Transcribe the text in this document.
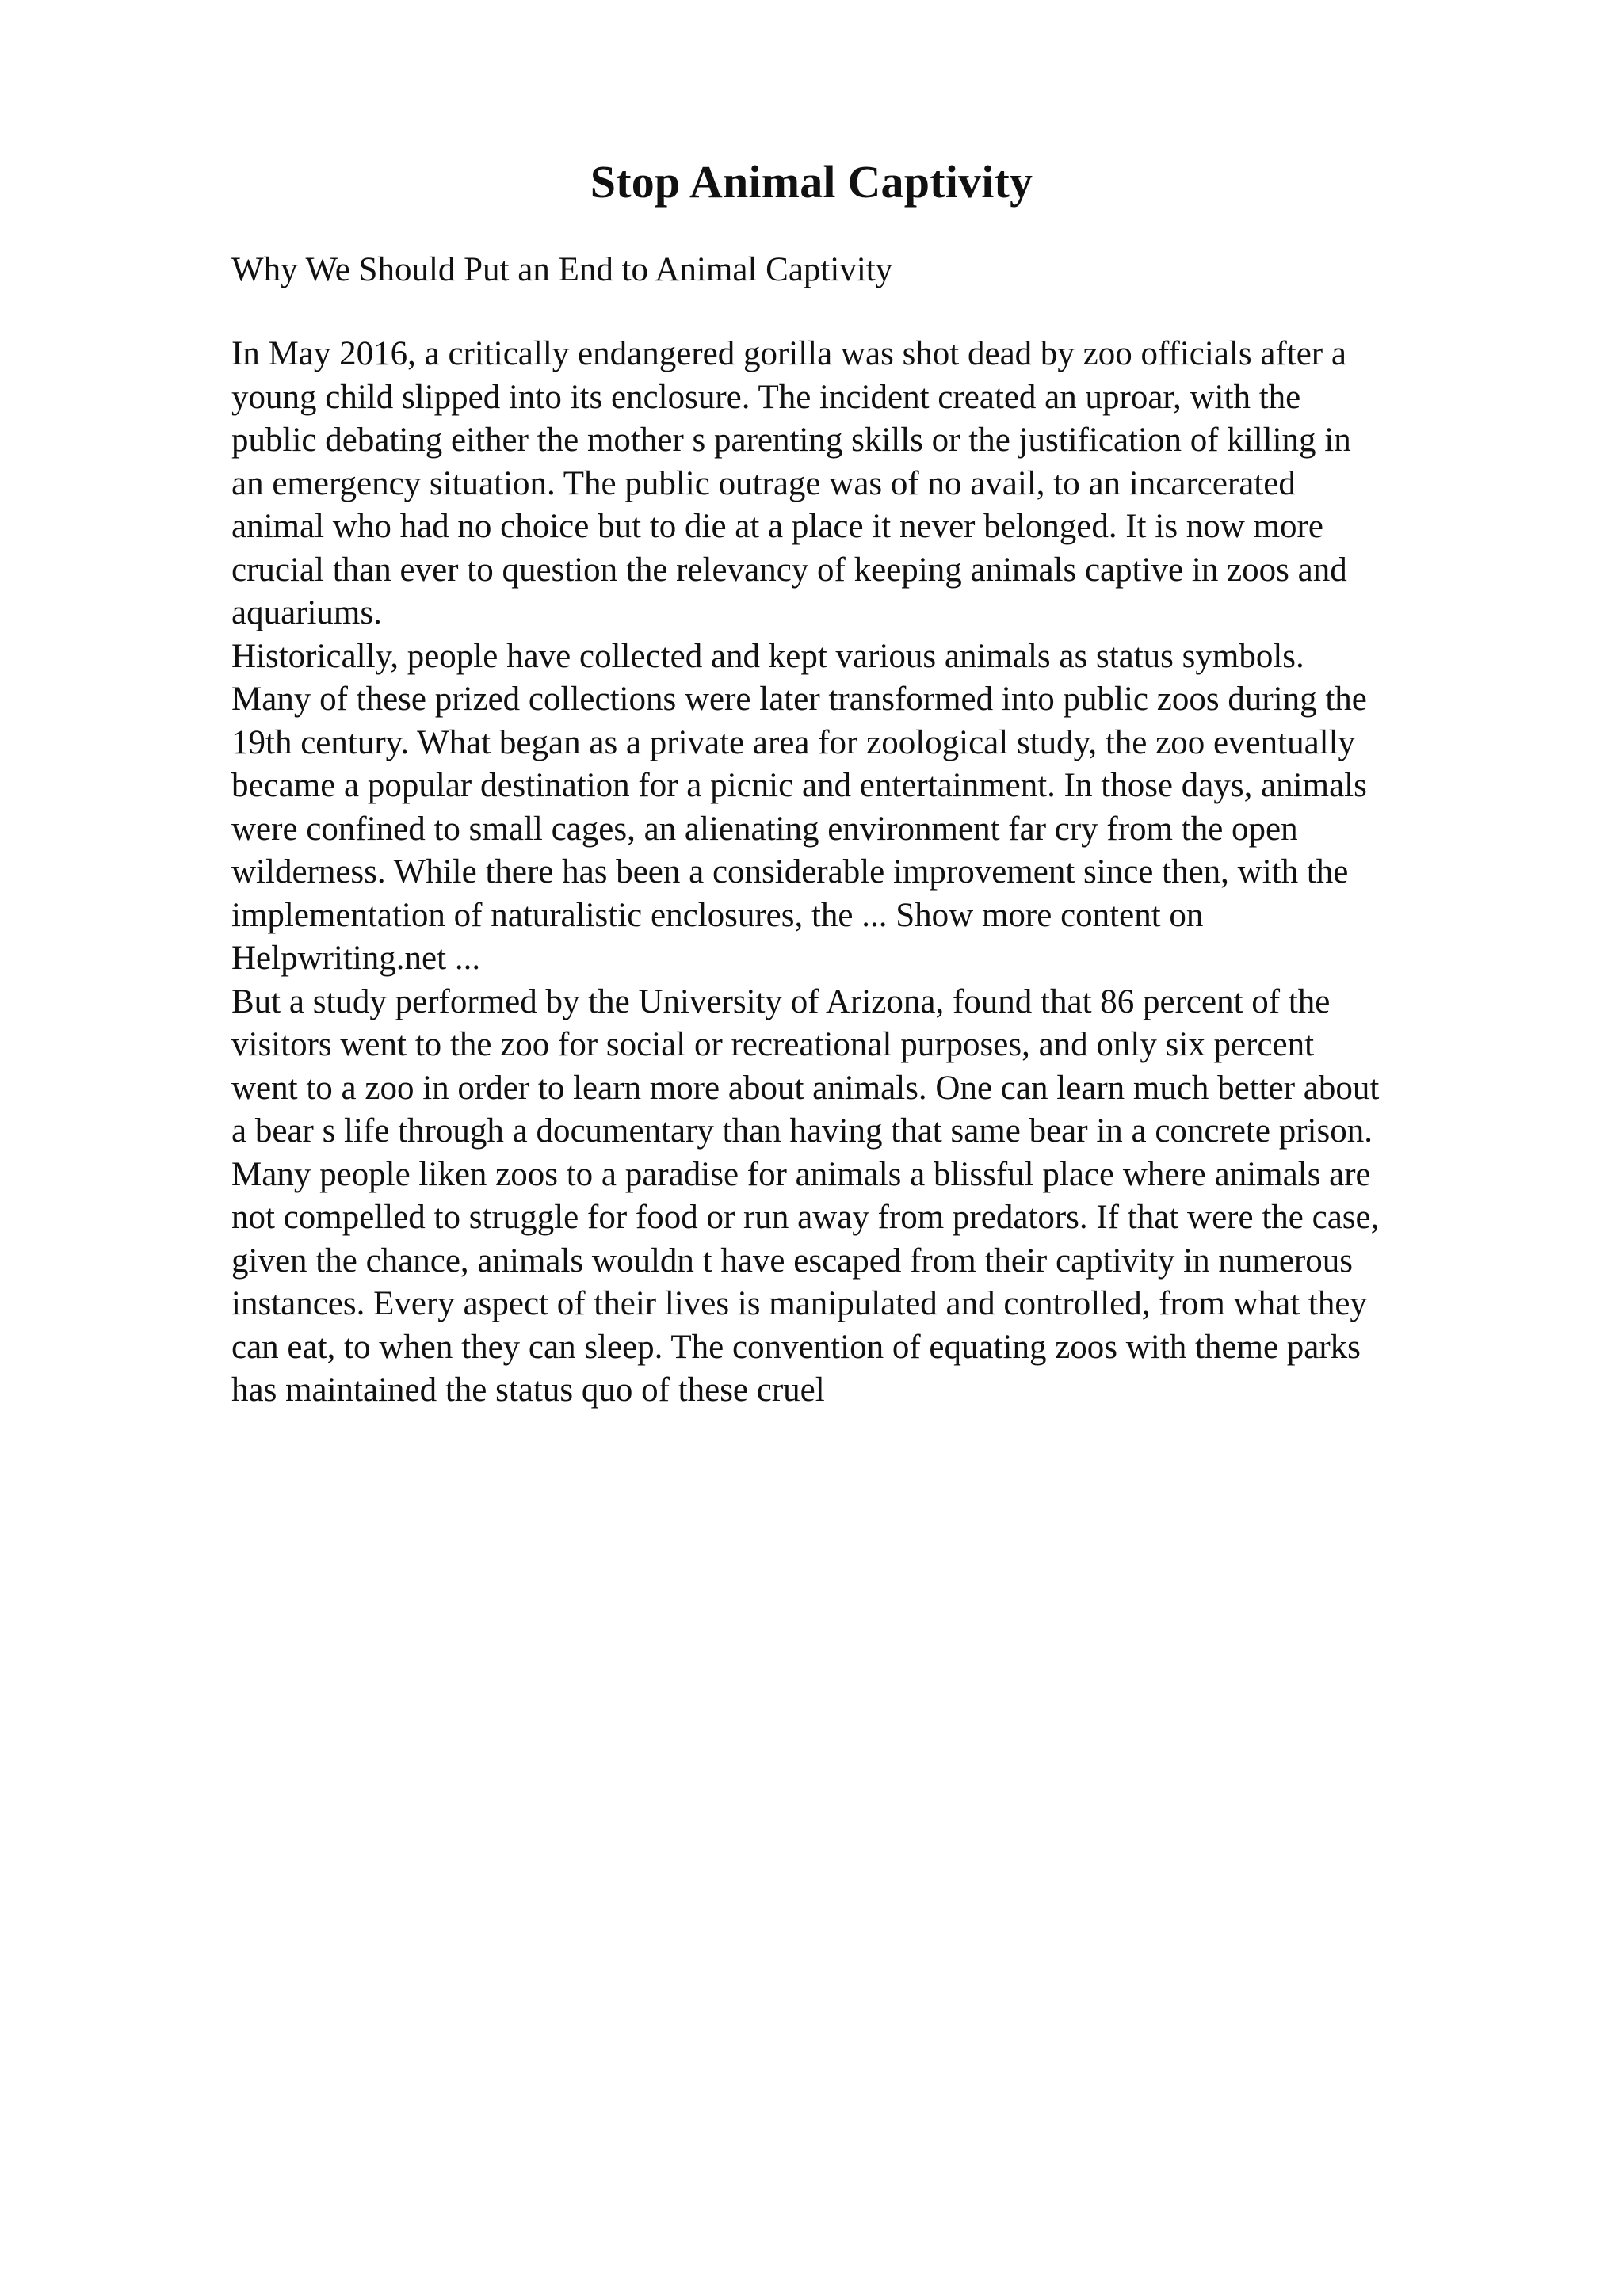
Stop Animal Captivity

Why We Should Put an End to Animal Captivity

In May 2016, a critically endangered gorilla was shot dead by zoo officials after a

young child slipped into its enclosure. The incident created an uproar, with the

public debating either the mother s parenting skills or the justification of killing in

an emergency situation. The public outrage was of no avail, to an incarcerated

animal who had no choice but to die at a place it never belonged. It is now more

crucial than ever to question the relevancy of keeping animals captive in zoos and

aquariums.

Historically, people have collected and kept various animals as status symbols.

Many of these prized collections were later transformed into public zoos during the

19th century. What began as a private area for zoological study, the zoo eventually

became a popular destination for a picnic and entertainment. In those days, animals

were confined to small cages, an alienating environment far cry from the open

wilderness. While there has been a considerable improvement since then, with the

implementation of naturalistic enclosures, the ... Show more content on

Helpwriting.net ...

But a study performed by the University of Arizona, found that 86 percent of the

visitors went to the zoo for social or recreational purposes, and only six percent

went to a zoo in order to learn more about animals. One can learn much better about

a bear s life through a documentary than having that same bear in a concrete prison.

Many people liken zoos to a paradise for animals a blissful place where animals are

not compelled to struggle for food or run away from predators. If that were the case,

given the chance, animals wouldn t have escaped from their captivity in numerous

instances. Every aspect of their lives is manipulated and controlled, from what they

can eat, to when they can sleep. The convention of equating zoos with theme parks

has maintained the status quo of these cruel
